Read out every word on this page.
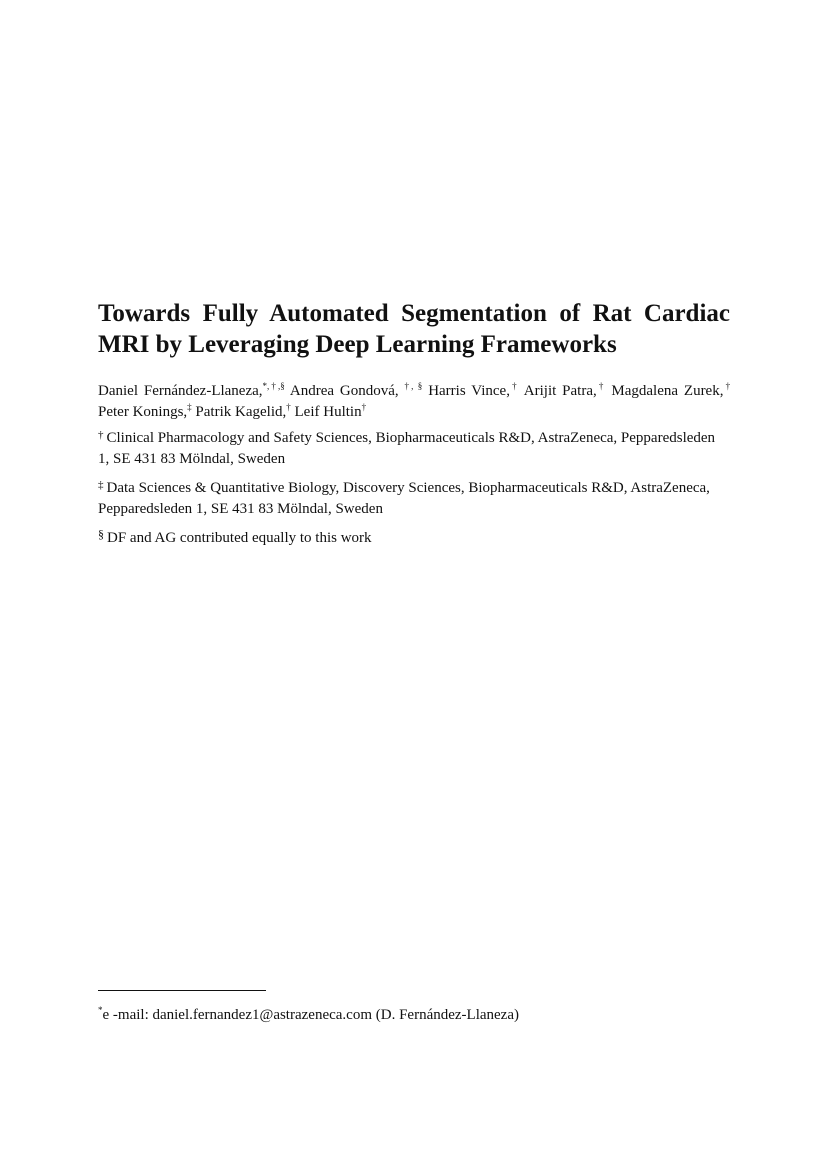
Towards Fully Automated Segmentation of Rat Cardiac
MRI by Leveraging Deep Learning Frameworks
Daniel Fernández-Llaneza,*,†,§ Andrea Gondová, †, § Harris Vince,† Arijit Patra,† Magdalena Zurek,†
Peter Konings,‡ Patrik Kagelid,† Leif Hultin†
† Clinical Pharmacology and Safety Sciences, Biopharmaceuticals R&D, AstraZeneca, Pepparedsleden 1, SE 431 83 Mölndal, Sweden
‡ Data Sciences & Quantitative Biology, Discovery Sciences, Biopharmaceuticals R&D, AstraZeneca, Pepparedsleden 1, SE 431 83 Mölndal, Sweden
§ DF and AG contributed equally to this work
*e -mail: daniel.fernandez1@astrazeneca.com (D. Fernández-Llaneza)
